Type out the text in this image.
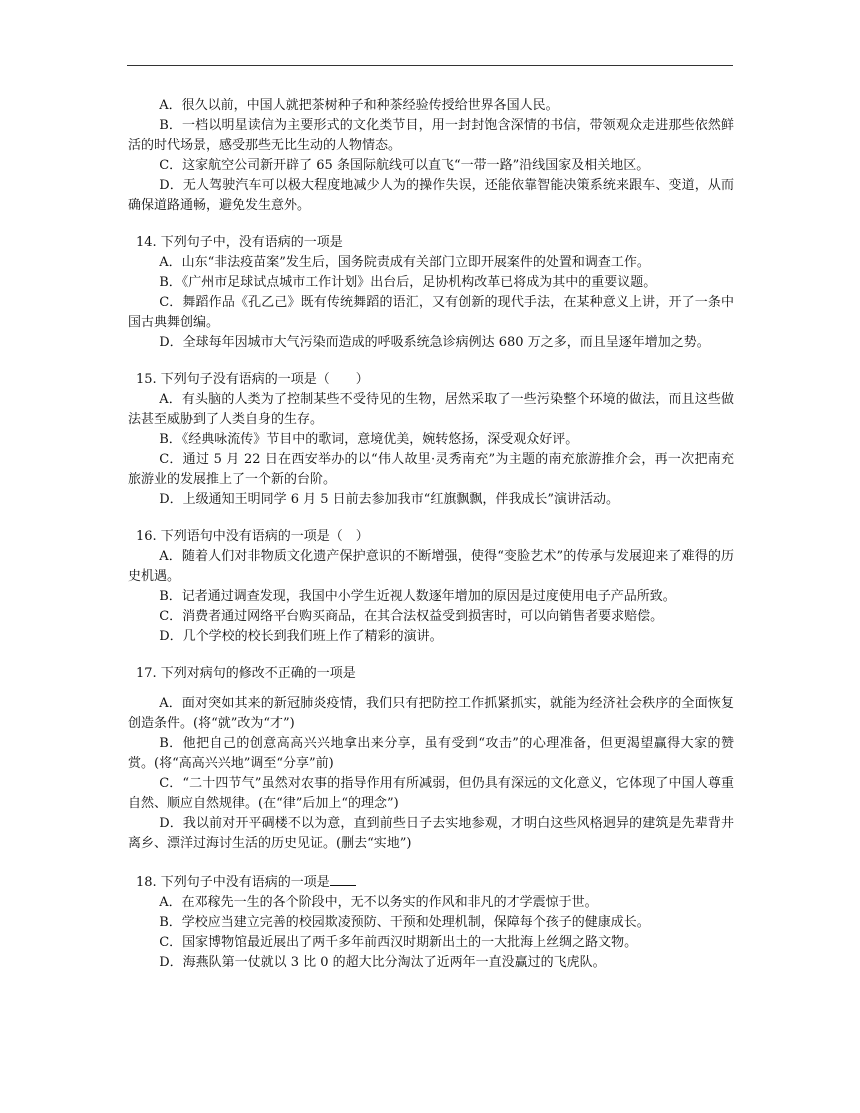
A．很久以前，中国人就把茶树种子和种茶经验传授给世界各国人民。

B．一档以明星读信为主要形式的文化类节目，用一封封饱含深情的书信，带领观众走进那些依然鲜活的时代场景，感受那些无比生动的人物情态。

C．这家航空公司新开辟了 65 条国际航线可以直飞“一带一路”沿线国家及相关地区。

D．无人驾驶汽车可以极大程度地减少人为的操作失误，还能依靠智能决策系统来跟车、变道，从而确保道路通畅，避免发生意外。

14. 下列句子中，没有语病的一项是

A．山东“非法疫苗案”发生后，国务院责成有关部门立即开展案件的处置和调查工作。

B．《广州市足球试点城市工作计划》出台后，足协机构改革已将成为其中的重要议题。

C．舞蹈作品《孔乙己》既有传统舞蹈的语汇，又有创新的现代手法，在某种意义上讲，开了一条中国古典舞创编。

D．全球每年因城市大气污染而造成的呼吸系统急诊病例达 680 万之多，而且呈逐年增加之势。

15. 下列句子没有语病的一项是（　　）

A．有头脑的人类为了控制某些不受待见的生物，居然采取了一些污染整个环境的做法，而且这些做法甚至威胁到了人类自身的生存。

B．《经典咏流传》节目中的歌词，意境优美，婉转悠扬，深受观众好评。

C．通过 5 月 22 日在西安举办的以“伟人故里·灵秀南充”为主题的南充旅游推介会，再一次把南充旅游业的发展推上了一个新的台阶。

D．上级通知王明同学 6 月 5 日前去参加我市“红旗飘飘，伴我成长”演讲活动。

16. 下列语句中没有语病的一项是（　）

A．随着人们对非物质文化遗产保护意识的不断增强，使得“变脸艺术”的传承与发展迎来了难得的历史机遇。

B．记者通过调查发现，我国中小学生近视人数逐年增加的原因是过度使用电子产品所致。

C．消费者通过网络平台购买商品，在其合法权益受到损害时，可以向销售者要求赔偿。

D．几个学校的校长到我们班上作了精彩的演讲。

17. 下列对病句的修改不正确的一项是

A．面对突如其来的新冠肺炎疫情，我们只有把防控工作抓紧抓实，就能为经济社会秩序的全面恢复创造条件。(将“就”改为“才”)

B．他把自己的创意高高兴兴地拿出来分享，虽有受到“攻击”的心理准备，但更渴望赢得大家的赞赏。(将“高高兴兴地”调至“分享”前)

C．“二十四节气”虽然对农事的指导作用有所减弱，但仍具有深远的文化意义，它体现了中国人尊重自然、顺应自然规律。(在“律”后加上“的理念”)

D．我以前对开平碉楼不以为意，直到前些日子去实地参观，才明白这些风格迥异的建筑是先辈背井离乡、漂洋过海讨生活的历史见证。(删去“实地”)

18. 下列句子中没有语病的一项是

A．在邓稼先一生的各个阶段中，无不以务实的作风和非凡的才学震惊于世。

B．学校应当建立完善的校园欺凌预防、干预和处理机制，保障每个孩子的健康成长。

C．国家博物馆最近展出了两千多年前西汉时期新出土的一大批海上丝绸之路文物。

D．海燕队第一仗就以 3 比 0 的超大比分淘汰了近两年一直没赢过的飞虎队。
